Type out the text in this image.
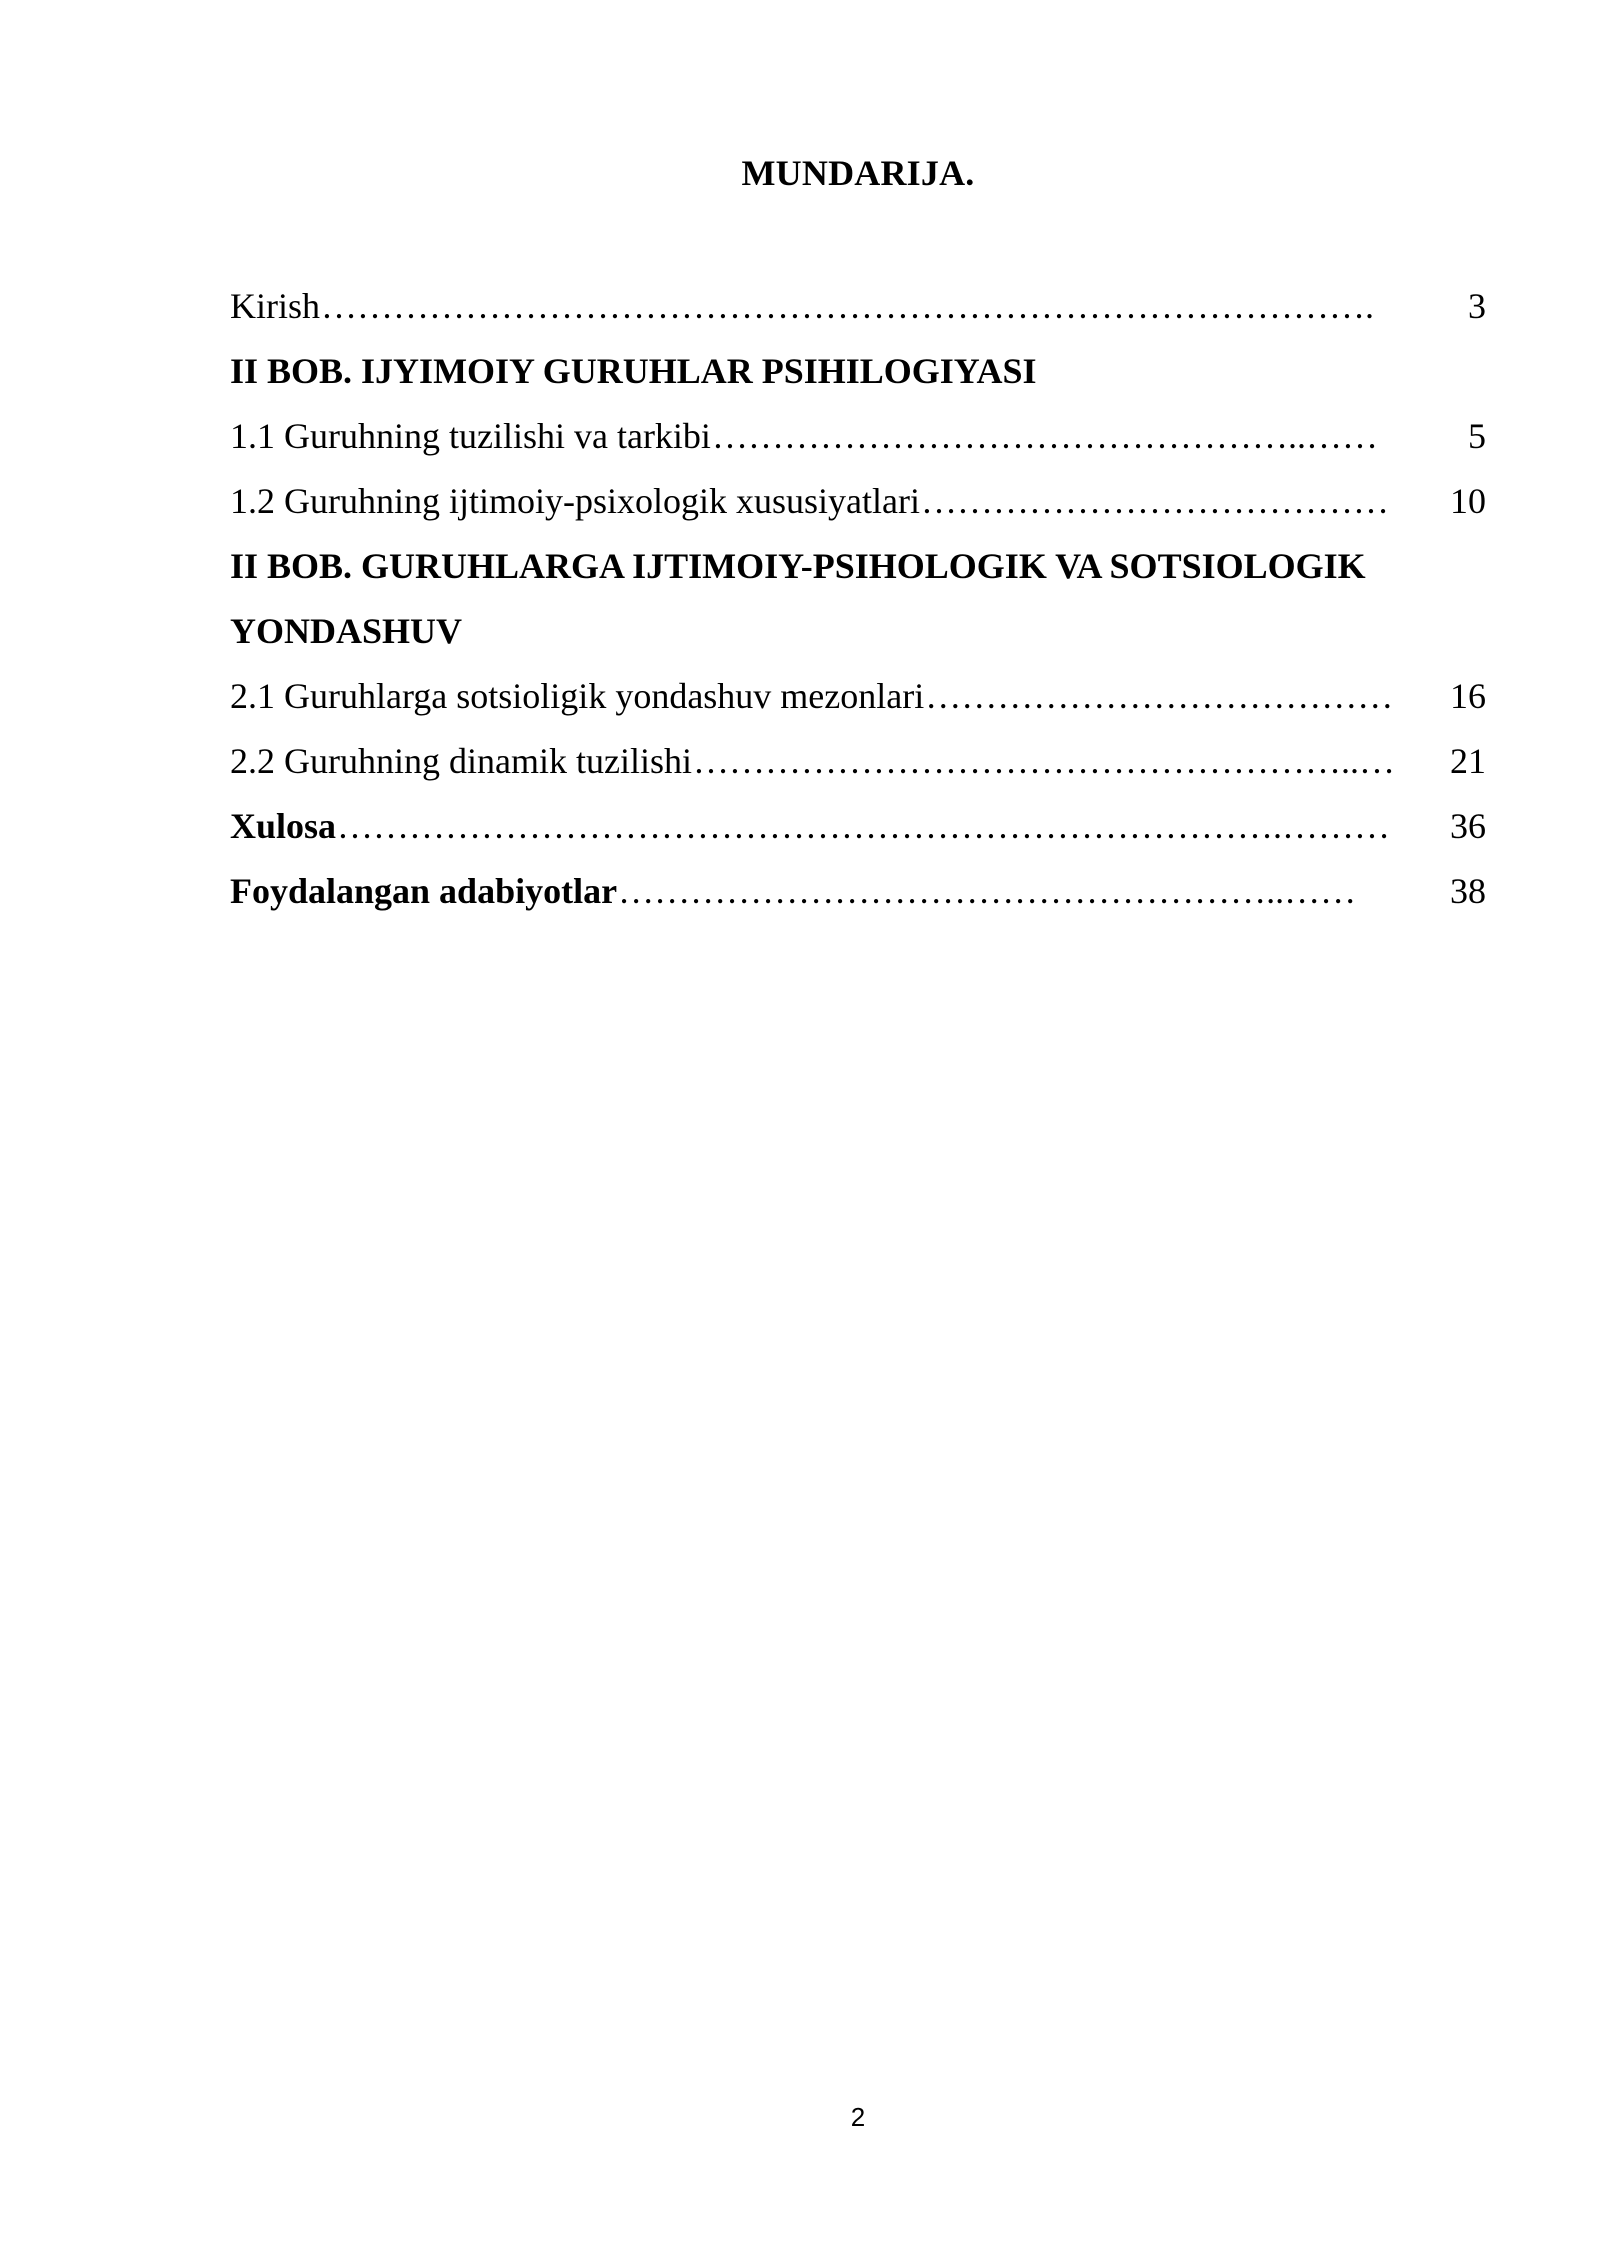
MUNDARIJA.
Kirish …………………………………………………………………………….	3
II BOB. IJYIMOIY GURUHLAR PSIHILOGIYASI
1.1 Guruhning tuzilishi va tarkibi …………………………………………..……	5
1.2 Guruhning ijtimoiy-psixologik xususiyatlari …………………………………	10
II BOB. GURUHLARGA IJTIMOIY-PSIHOLOGIK VA SOTSIOLOGIK
YONDASHUV
2.1 Guruhlarga sotsioligik yondashuv mezonlari …………………………………	16
2.2 Guruhning dinamik tuzilishi ………………………………………………..…	21
Xulosa …………………………………………………………………….………	36
Foydalangan adabiyotlar ………………………………………………..……	38
2
